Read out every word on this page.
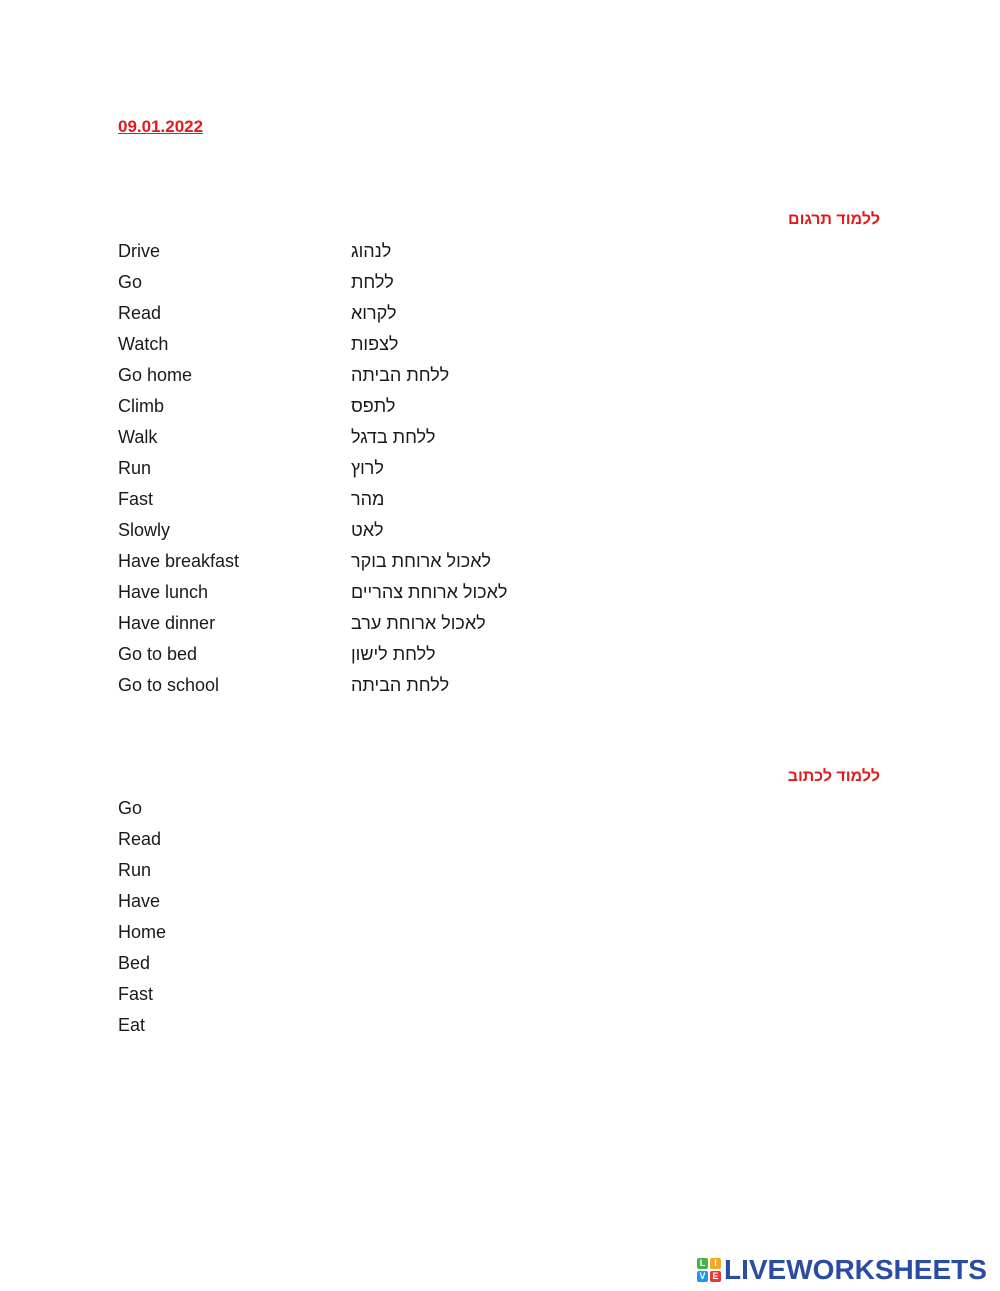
09.01.2022
ללמוד תרגום
Drive	לנהוג
Go	ללחת
Read	לקרוא
Watch	לצפות
Go home	ללחת הביתה
Climb	לתפס
Walk	ללחת בדגל
Run	לרוץ
Fast	מהר
Slowly	לאט
Have breakfast	לאכול ארוחת בוקר
Have lunch	לאכול ארוחת צהריים
Have dinner	לאכול ארוחת ערב
Go to bed	ללחת לישון
Go to school	ללחת הביתה
ללמוד לכתוב
Go
Read
Run
Have
Home
Bed
Fast
Eat
L I
V E LIVEWORKSHEETS
